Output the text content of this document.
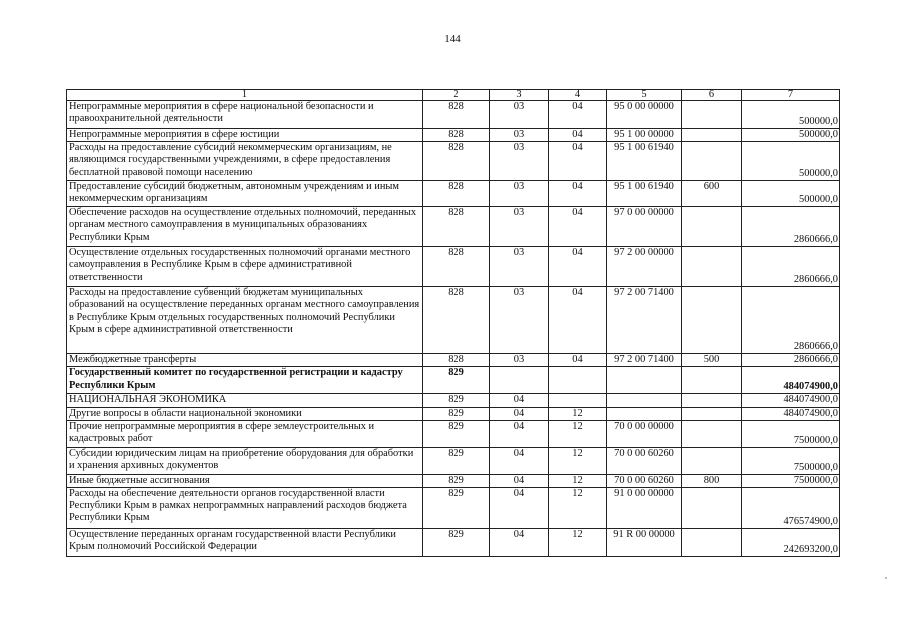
144
1	2	3	4	5	6	7
Непрограммные мероприятия в сфере национальной безопасности и правоохранительной деятельности	828	03	04	95 0 00 00000		500000,0
Непрограммные мероприятия в сфере юстиции	828	03	04	95 1 00 00000		500000,0
Расходы на предоставление субсидий некоммерческим организациям, не являющимся государственными учреждениями, в сфере предоставления бесплатной правовой помощи населению	828	03	04	95 1 00 61940		500000,0
Предоставление субсидий бюджетным, автономным учреждениям и иным некоммерческим организациям	828	03	04	95 1 00 61940	600	500000,0
Обеспечение расходов на осуществление отдельных полномочий, переданных органам местного самоуправления в муниципальных образованиях Республики Крым	828	03	04	97 0 00 00000		2860666,0
Осуществление отдельных государственных полномочий органами местного самоуправления в Республике Крым в сфере административной ответственности	828	03	04	97 2 00 00000		2860666,0
Расходы на предоставление субвенций бюджетам муниципальных образований на осуществление переданных органам местного самоуправления в Республике Крым отдельных государственных полномочий Республики Крым в сфере административной ответственности	828	03	04	97 2 00 71400		2860666,0
Межбюджетные трансферты	828	03	04	97 2 00 71400	500	2860666,0
Государственный комитет по государственной регистрации и кадастру Республики Крым	829					484074900,0
НАЦИОНАЛЬНАЯ ЭКОНОМИКА	829	04				484074900,0
Другие вопросы в области национальной экономики	829	04	12			484074900,0
Прочие непрограммные мероприятия в сфере землеустроительных и кадастровых работ	829	04	12	70 0 00 00000		7500000,0
Субсидии юридическим лицам на приобретение оборудования для обработки и хранения архивных документов	829	04	12	70 0 00 60260		7500000,0
Иные бюджетные ассигнования	829	04	12	70 0 00 60260	800	7500000,0
Расходы на обеспечение деятельности органов государственной власти Республики Крым в рамках непрограммных направлений расходов бюджета Республики Крым	829	04	12	91 0 00 00000		476574900,0
Осуществление переданных органам государственной власти Республики Крым полномочий Российской Федерации	829	04	12	91 R 00 00000		242693200,0
